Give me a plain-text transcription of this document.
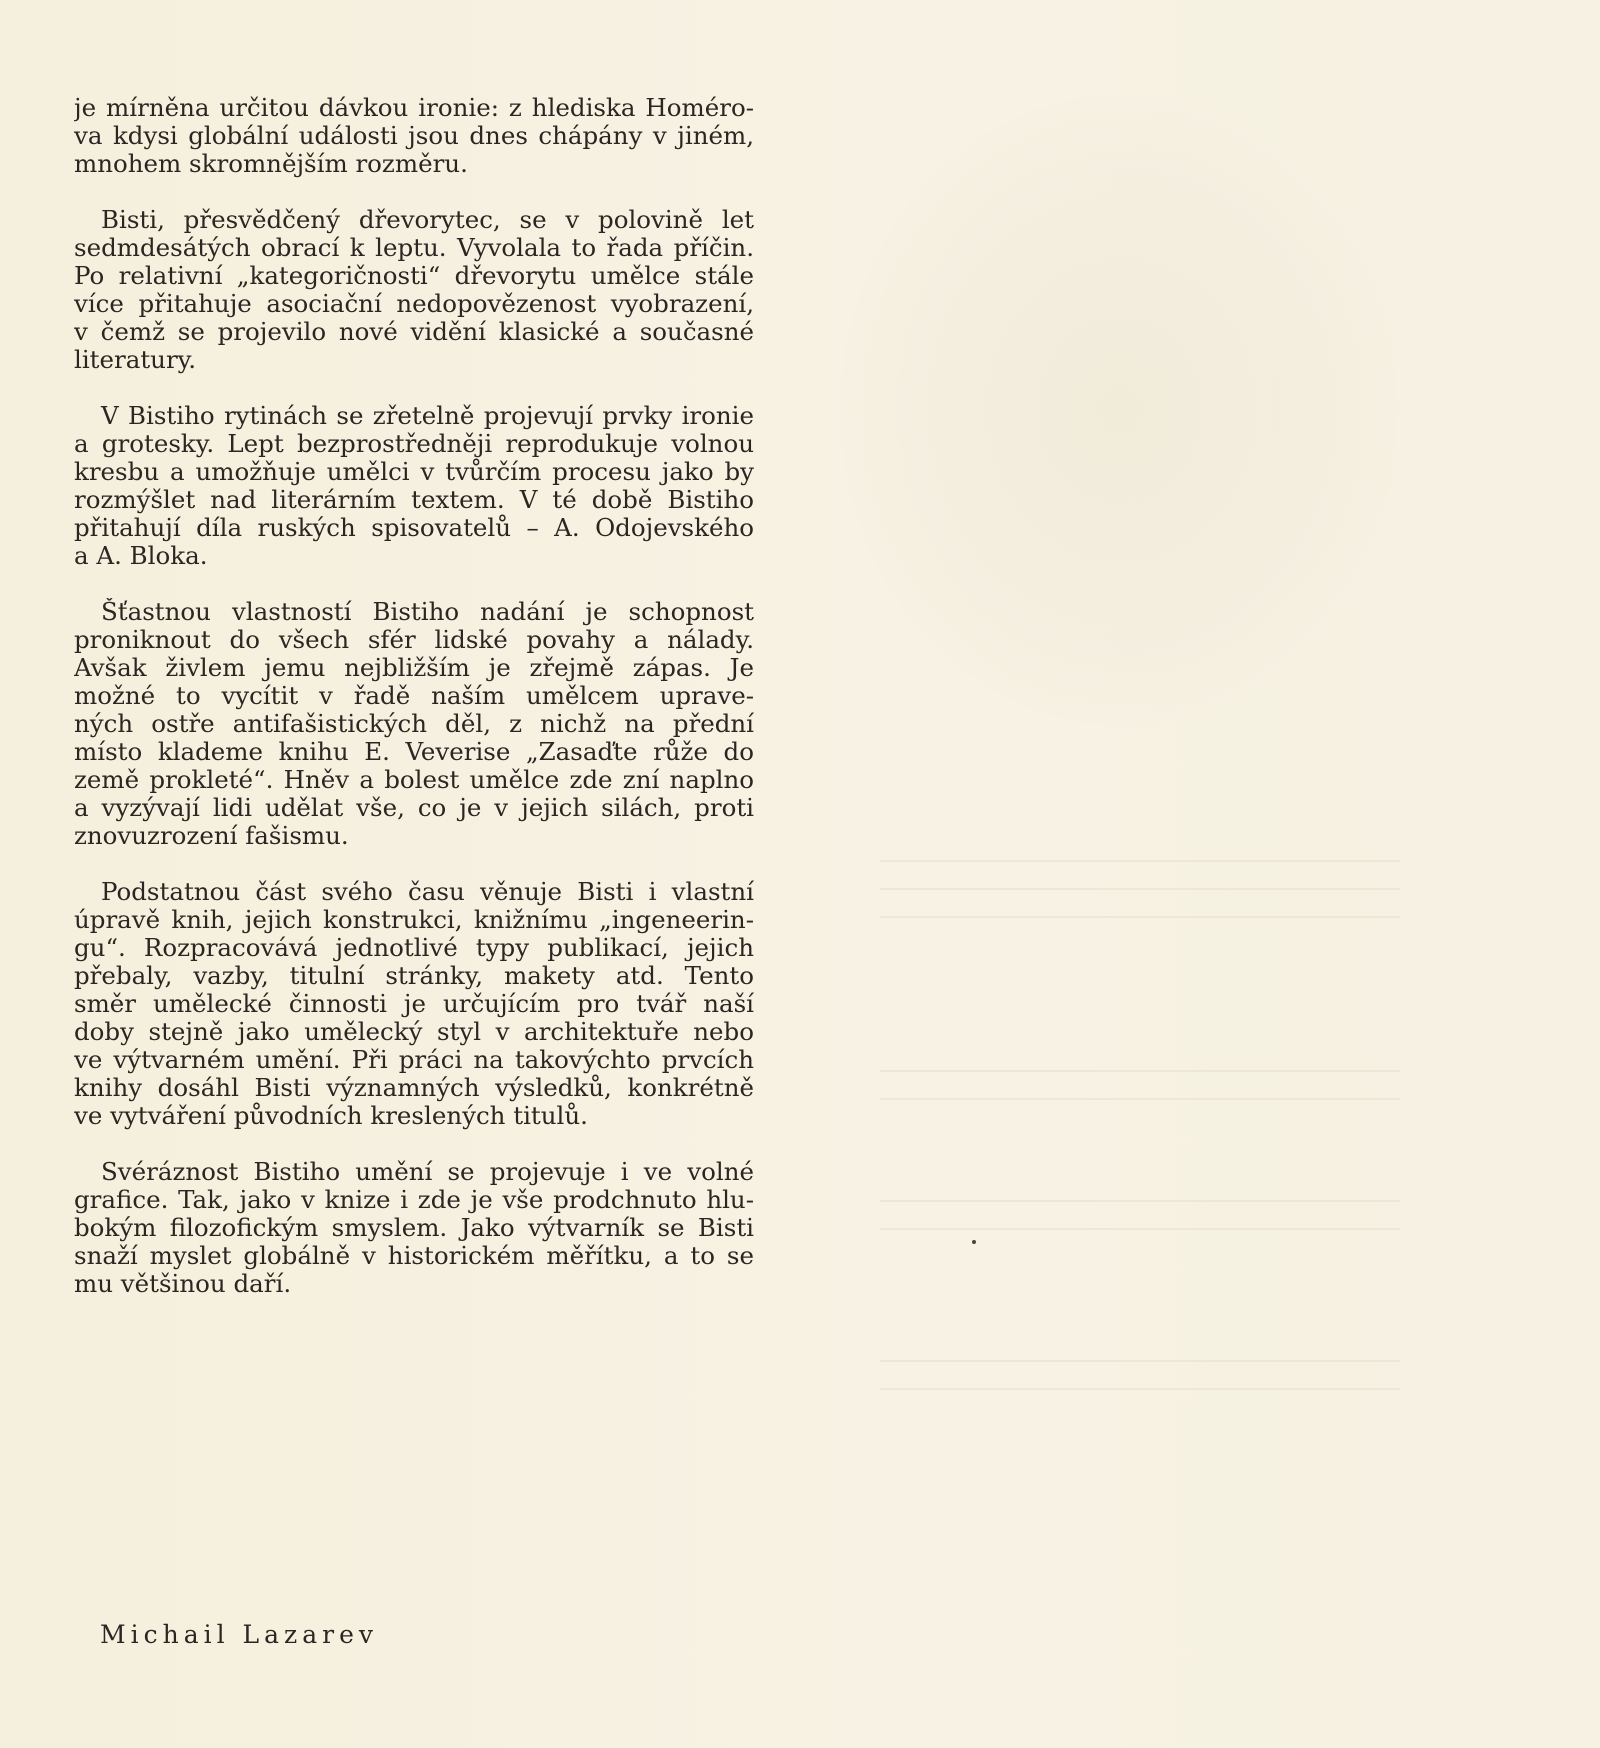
je mírněna určitou dávkou ironie: z hlediska Homéro-
va kdysi globální události jsou dnes chápány v jiném,
mnohem skromnějším rozměru.
Bisti, přesvědčený dřevorytec, se v polovině let
sedmdesátých obrací k leptu. Vyvolala to řada příčin.
Po relativní „kategoričnosti“ dřevorytu umělce stále
více přitahuje asociační nedopovězenost vyobrazení,
v čemž se projevilo nové vidění klasické a současné
literatury.
V Bistiho rytinách se zřetelně projevují prvky ironie
a grotesky. Lept bezprostředněji reprodukuje volnou
kresbu a umožňuje umělci v tvůrčím procesu jako by
rozmýšlet nad literárním textem. V té době Bistiho
přitahují díla ruských spisovatelů – A. Odojevského
a A. Bloka.
Šťastnou vlastností Bistiho nadání je schopnost
proniknout do všech sfér lidské povahy a nálady.
Avšak živlem jemu nejbližším je zřejmě zápas. Je
možné to vycítit v řadě naším umělcem uprave-
ných ostře antifašistických děl, z nichž na přední
místo klademe knihu E. Veverise „Zasaďte růže do
země prokleté“. Hněv a bolest umělce zde zní naplno
a vyzývají lidi udělat vše, co je v jejich silách, proti
znovuzrození fašismu.
Podstatnou část svého času věnuje Bisti i vlastní
úpravě knih, jejich konstrukci, knižnímu „ingeneerin-
gu“. Rozpracovává jednotlivé typy publikací, jejich
přebaly, vazby, titulní stránky, makety atd. Tento
směr umělecké činnosti je určujícím pro tvář naší
doby stejně jako umělecký styl v architektuře nebo
ve výtvarném umění. Při práci na takovýchto prvcích
knihy dosáhl Bisti významných výsledků, konkrétně
ve vytváření původních kreslených titulů.
Svéráznost Bistiho umění se projevuje i ve volné
grafice. Tak, jako v knize i zde je vše prodchnuto hlu-
bokým filozofickým smyslem. Jako výtvarník se Bisti
snaží myslet globálně v historickém měřítku, a to se
mu většinou daří.
Michail Lazarev
